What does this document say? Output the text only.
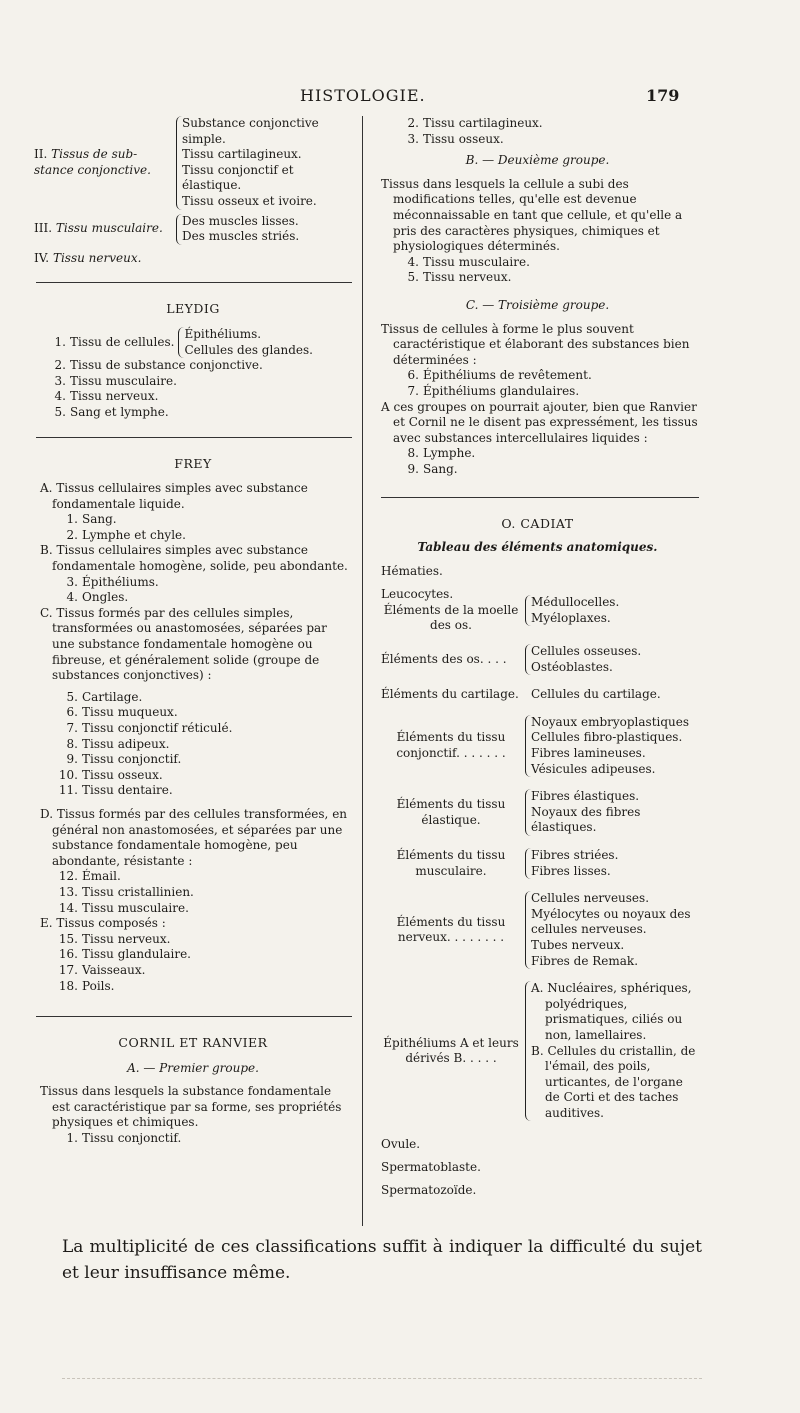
HISTOLOGIE.	179
II. Tissus de sub-stance conjonctive.
Substance conjonctive simple.
Tissu cartilagineux.
Tissu conjonctif et élastique.
Tissu osseux et ivoire.
III. Tissu musculaire.
Des muscles lisses.
Des muscles striés.

IV. Tissu nerveux.

LEYDIG
1. Tissu de cellules.
Épithéliums.
Cellules des glandes.
2. Tissu de substance conjonctive.
3. Tissu musculaire.
4. Tissu nerveux.
5. Sang et lymphe.
FREY

A. Tissus cellulaires simples avec substance fondamentale liquide.

1. Sang.
2. Lymphe et chyle.

B. Tissus cellulaires simples avec substance fondamentale homogène, solide, peu abondante.

3. Épithéliums.
4. Ongles.

C. Tissus formés par des cellules simples, transformées ou anastomosées, séparées par une substance fondamentale homogène ou fibreuse, et généralement solide (groupe de substances conjonctives) :

5. Cartilage.
6. Tissu muqueux.
7. Tissu conjonctif réticulé.
8. Tissu adipeux.
9. Tissu conjonctif.
10. Tissu osseux.
11. Tissu dentaire.

D. Tissus formés par des cellules transformées, en général non anastomosées, et séparées par une substance fondamentale homogène, peu abondante, résistante :

12. Émail.
13. Tissu cristallinien.
14. Tissu musculaire.

E. Tissus composés :

15. Tissu nerveux.
16. Tissu glandulaire.
17. Vaisseaux.
18. Poils.
CORNIL ET RANVIER
A. — Premier groupe.

Tissus dans lesquels la substance fondamentale est caractéristique par sa forme, ses propriétés physiques et chimiques.

1. Tissu conjonctif.
2. Tissu cartilagineux.
3. Tissu osseux.
B. — Deuxième groupe.

Tissus dans lesquels la cellule a subi des modifications telles, qu'elle est devenue méconnaissable en tant que cellule, et qu'elle a pris des caractères physiques, chimiques et physiologiques déterminés.

4. Tissu musculaire.
5. Tissu nerveux.
C. — Troisième groupe.

Tissus de cellules à forme le plus souvent caractéristique et élaborant des substances bien déterminées :

6. Épithéliums de revêtement.
7. Épithéliums glandulaires.

A ces groupes on pourrait ajouter, bien que Ranvier et Cornil ne le disent pas expressément, les tissus avec substances intercellulaires liquides :

8. Lymphe.
9. Sang.
O. CADIAT
Tableau des éléments anatomiques.
Hématies.
Leucocytes.
Éléments de la moelle des os.
Médullocelles.
Myéloplaxes.
Éléments des os. . . .
Cellules osseuses.
Ostéoblastes.
Éléments du cartilage. Cellules du cartilage.
Éléments du tissu conjonctif. . . . . . .
Noyaux embryoplastiques
Cellules fibro-plastiques.
Fibres lamineuses.
Vésicules adipeuses.
Éléments du tissu élastique.
Fibres élastiques.
Noyaux des fibres élastiques.
Éléments du tissu musculaire.
Fibres striées.
Fibres lisses.
Éléments du tissu nerveux. . . . . . . .
Cellules nerveuses.
Myélocytes ou noyaux des cellules nerveuses.
Tubes nerveux.
Fibres de Remak.
Épithéliums A et leurs dérivés B. . . . .
A. Nucléaires, sphériques, polyédriques, prismatiques, ciliés ou non, lamellaires.
B. Cellules du cristallin, de l'émail, des poils, urticantes, de l'organe de Corti et des taches auditives.
Ovule.
Spermatoblaste.
Spermatozoïde.
La multiplicité de ces classifications suffit à indiquer la difficulté du sujet
et leur insuffisance même.
